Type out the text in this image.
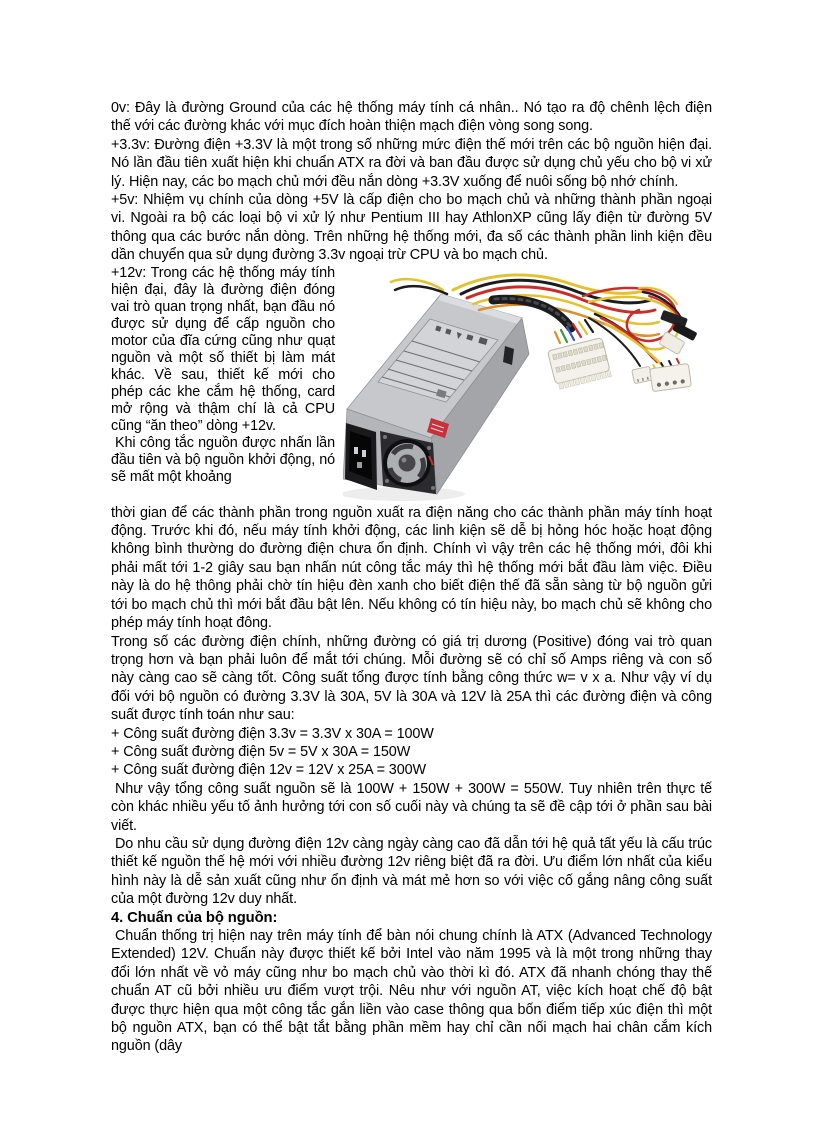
0v: Đây là đường Ground của các hệ thống máy tính cá nhân.. Nó tạo ra độ chênh lệch điện thế với các đường khác với mục đích hoàn thiện mạch điện vòng song song.

+3.3v: Đường điện +3.3V là một trong số những mức điện thế mới trên các bộ nguồn hiện đại. Nó lần đầu tiên xuất hiện khi chuẩn ATX ra đời và ban đầu được sử dụng chủ yếu cho bộ vi xử lý. Hiện nay, các bo mạch chủ mới đều nắn dòng +3.3V xuống để nuôi sống bộ nhớ chính.

+5v: Nhiệm vụ chính của dòng +5V là cấp điện cho bo mạch chủ và những thành phần ngoại vi. Ngoài ra bộ các loại bộ vi xử lý như Pentium III hay AthlonXP cũng lấy điện từ đường 5V thông qua các bước nắn dòng. Trên những hệ thống mới, đa số các thành phần linh kiện đều dần chuyển qua sử dụng đường 3.3v ngoại trừ CPU và bo mạch chủ.

+12v: Trong các hệ thống máy tính hiện đại, đây là đường điện đóng vai trò quan trọng nhất, bạn đầu nó được sử dụng để cấp nguồn cho motor của đĩa cứng cũng như quạt nguồn và một số thiết bị làm mát khác. Về sau, thiết kế mới cho phép các khe cắm hệ thống, card mở rộng và thậm chí là cả CPU cũng “ăn theo” dòng +12v.

Khi công tắc nguồn được nhấn lần đầu tiên và bộ nguồn khởi động, nó sẽ mất một khoảng

thời gian để các thành phần trong nguồn xuất ra điện năng cho các thành phần máy tính hoạt động. Trước khi đó, nếu máy tính khởi động, các linh kiện sẽ dễ bị hỏng hóc hoặc hoạt động không bình thường do đường điện chưa ổn định. Chính vì vậy trên các hệ thống mới, đôi khi phải mất tới 1-2 giây sau bạn nhấn nút công tắc máy thì hệ thống mới bắt đầu làm việc. Điều này là do hệ thông phải chờ tín hiệu đèn xanh cho biết điện thế đã sẵn sàng từ bộ nguồn gửi tới bo mạch chủ thì mới bắt đầu bật lên. Nếu không có tín hiệu này, bo mạch chủ sẽ không cho phép máy tính hoạt đông.

Trong số các đường điện chính, những đường có giá trị dương (Positive) đóng vai trò quan trọng hơn và bạn phải luôn để mắt tới chúng. Mỗi đường sẽ có chỉ số Amps riêng và con số này càng cao sẽ càng tốt. Công suất tổng được tính bằng công thức w= v x a. Như vậy ví dụ đối với bộ nguồn có đường 3.3V là 30A, 5V là 30A và 12V là 25A thì các đường điện và công suất được tính toán như sau:

+ Công suất đường điện 3.3v = 3.3V x 30A = 100W

+ Công suất đường điện 5v = 5V x 30A = 150W

+ Công suất đường điện 12v = 12V x 25A = 300W

Như vậy tổng công suất nguồn sẽ là 100W + 150W + 300W = 550W. Tuy nhiên trên thực tế còn khác nhiều yếu tố ảnh hưởng tới con số cuối này và chúng ta sẽ đề cập tới ở phần sau bài viết.

Do nhu cầu sử dụng đường điện 12v càng ngày càng cao đã dẫn tới hệ quả tất yếu là cấu trúc thiết kế nguồn thế hệ mới với nhiều đường 12v riêng biệt đã ra đời. Ưu điểm lớn nhất của kiểu hình này là dễ sản xuất cũng như ổn định và mát mẻ hơn so với việc cố gắng nâng công suất của một đường 12v duy nhất.

4. Chuẩn của bộ nguồn:

Chuẩn thống trị hiện nay trên máy tính để bàn nói chung chính là ATX (Advanced Technology Extended) 12V. Chuẩn này được thiết kế bởi Intel vào năm 1995 và là một trong những thay đổi lớn nhất về vỏ máy cũng như bo mạch chủ vào thời kì đó. ATX đã nhanh chóng thay thế chuẩn AT cũ bởi nhiều ưu điểm vượt trội. Nêu như với nguồn AT, việc kích hoạt chế độ bật được thực hiện qua một công tắc gắn liền vào case thông qua bốn điểm tiếp xúc điện thì một bộ nguồn ATX, bạn có thể bật tắt bằng phần mềm hay chỉ cần nối mạch hai chân cắm kích nguồn (dây
